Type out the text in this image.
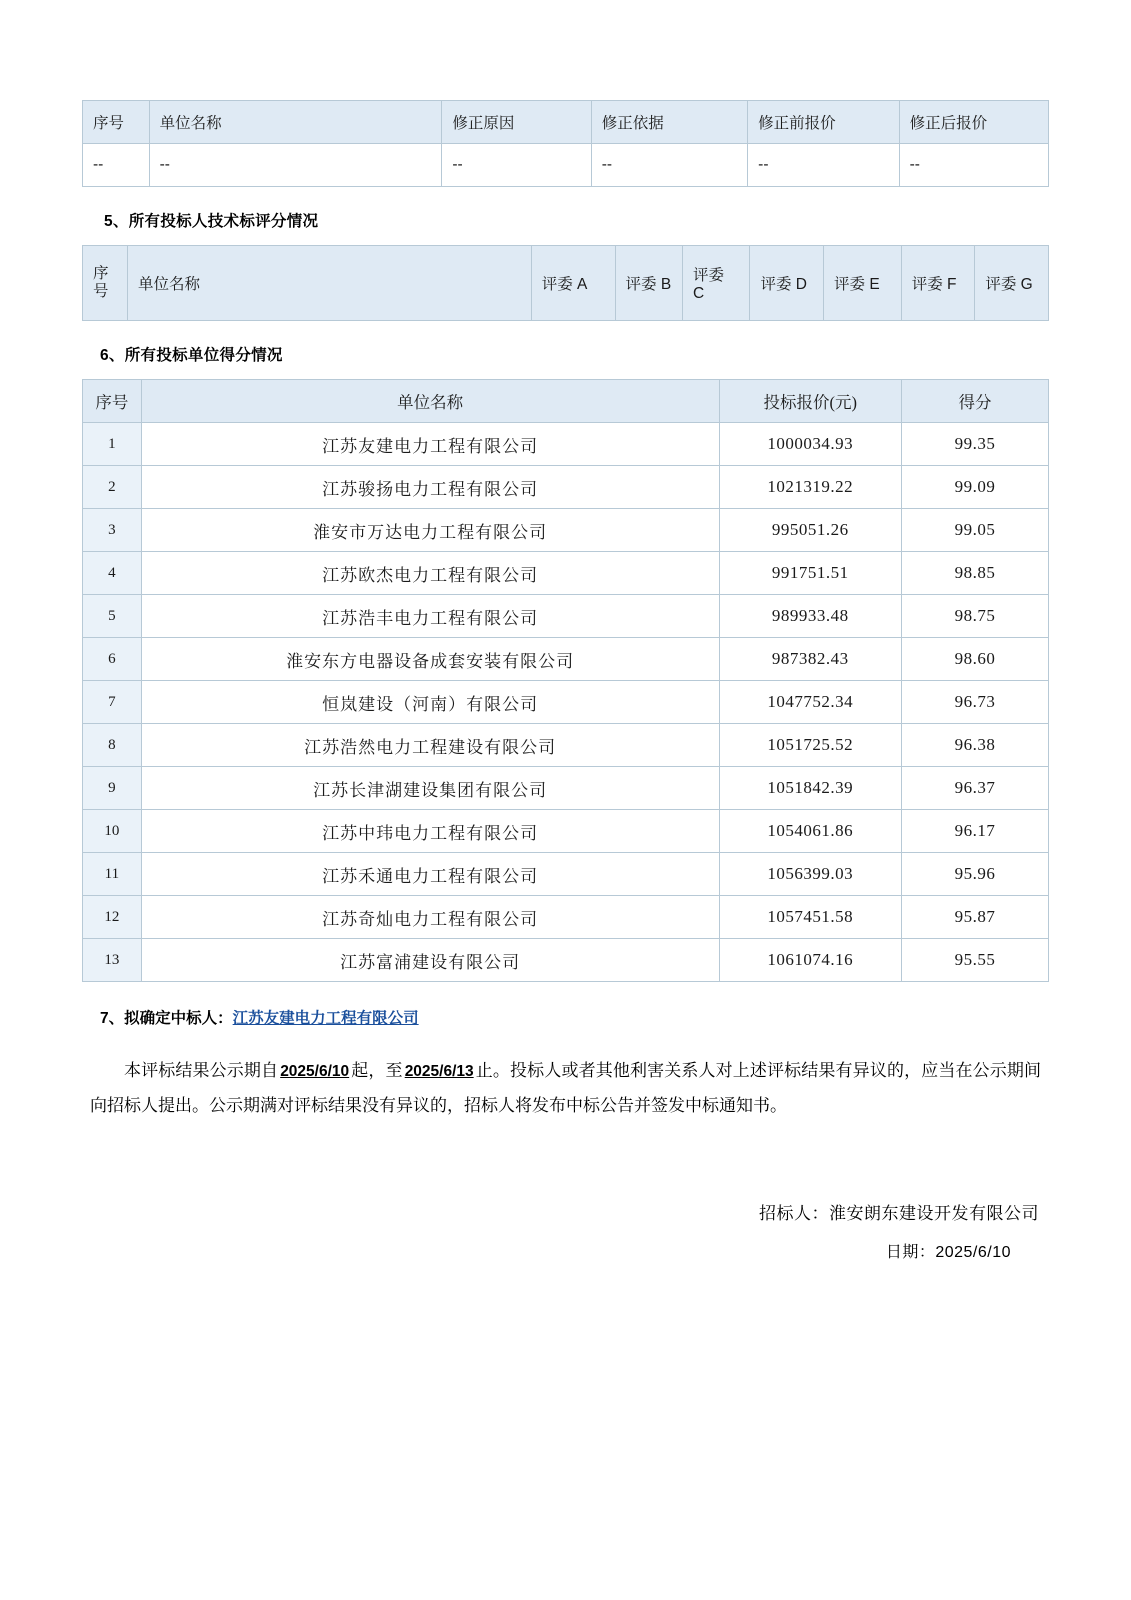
序号	单位名称	修正原因	修正依据	修正前报价	修正后报价
--	--	--	--	--	--
5、所有投标人技术标评分情况
序号	单位名称	评委 A	评委 B	评委 C	评委 D	评委 E	评委 F	评委 G
6、所有投标单位得分情况
序号	单位名称	投标报价(元)	得分
1	江苏友建电力工程有限公司	1000034.93	99.35
2	江苏骏扬电力工程有限公司	1021319.22	99.09
3	淮安市万达电力工程有限公司	995051.26	99.05
4	江苏欧杰电力工程有限公司	991751.51	98.85
5	江苏浩丰电力工程有限公司	989933.48	98.75
6	淮安东方电器设备成套安装有限公司	987382.43	98.60
7	恒岚建设（河南）有限公司	1047752.34	96.73
8	江苏浩然电力工程建设有限公司	1051725.52	96.38
9	江苏长津湖建设集团有限公司	1051842.39	96.37
10	江苏中玮电力工程有限公司	1054061.86	96.17
11	江苏禾通电力工程有限公司	1056399.03	95.96
12	江苏奇灿电力工程有限公司	1057451.58	95.87
13	江苏富浦建设有限公司	1061074.16	95.55
7、拟确定中标人：江苏友建电力工程有限公司
本评标结果公示期自 2025/6/10 起，至 2025/6/13 止。投标人或者其他利害关系人对上述评标结果有异议的，应当在公示期间向招标人提出。公示期满对评标结果没有异议的，招标人将发布中标公告并签发中标通知书。
招标人：淮安朗东建设开发有限公司
日期：2025/6/10
